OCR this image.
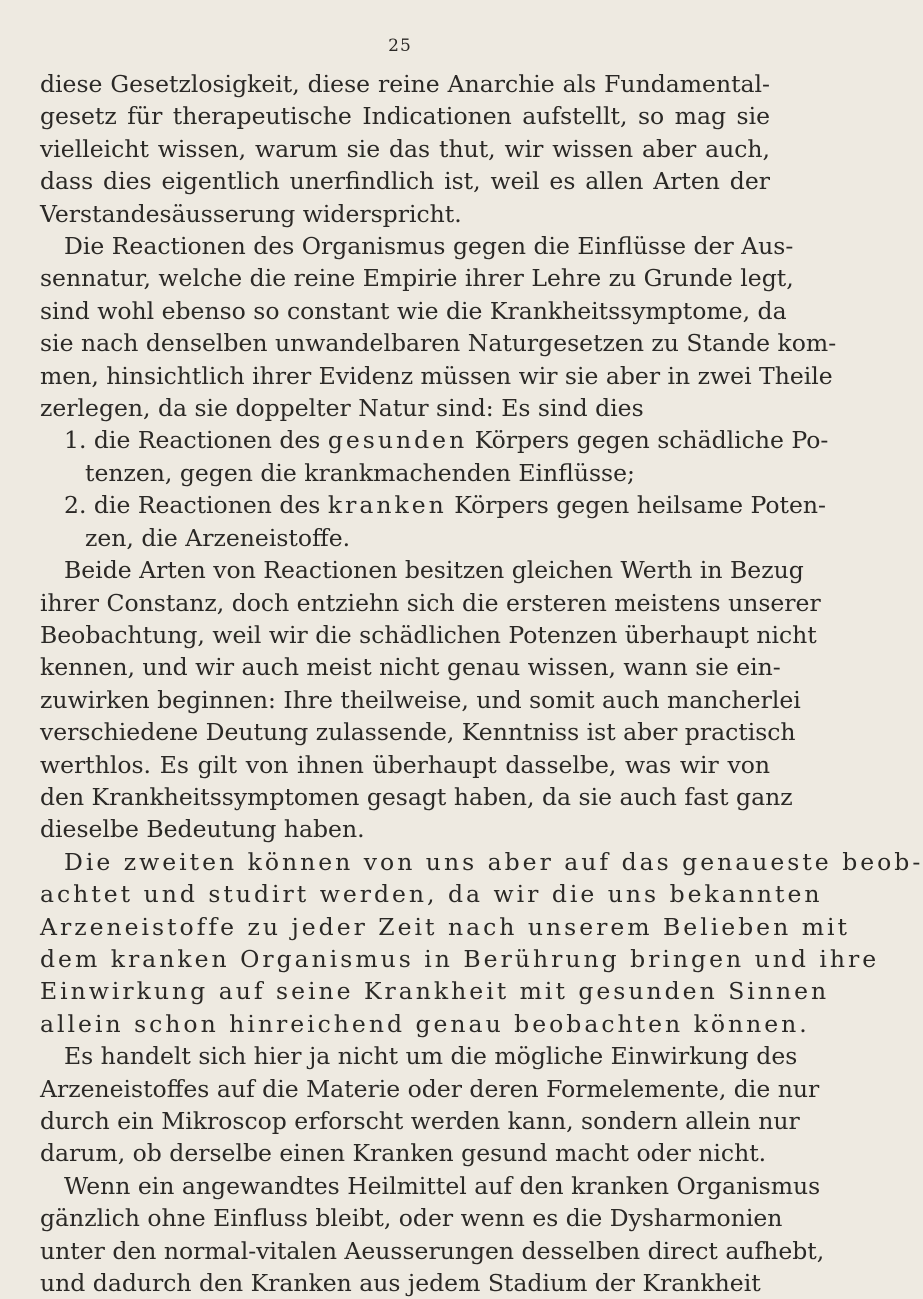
25
diese Gesetzlosigkeit, diese reine Anarchie als Fundamental-
gesetz für therapeutische Indicationen aufstellt, so mag sie
vielleicht wissen, warum sie das thut, wir wissen aber auch,
dass dies eigentlich unerfindlich ist, weil es allen Arten der
Verstandesäusserung widerspricht.
Die Reactionen des Organismus gegen die Einflüsse der Aus-
sennatur, welche die reine Empirie ihrer Lehre zu Grunde legt,
sind wohl ebenso so constant wie die Krankheitssymptome, da
sie nach denselben unwandelbaren Naturgesetzen zu Stande kom-
men, hinsichtlich ihrer Evidenz müssen wir sie aber in zwei Theile
zerlegen, da sie doppelter Natur sind: Es sind dies
1. die Reactionen des gesunden Körpers gegen schädliche Po-
tenzen, gegen die krankmachenden Einflüsse;
2. die Reactionen des kranken Körpers gegen heilsame Poten-
zen, die Arzeneistoffe.
Beide Arten von Reactionen besitzen gleichen Werth in Bezug
ihrer Constanz, doch entziehn sich die ersteren meistens unserer
Beobachtung, weil wir die schädlichen Potenzen überhaupt nicht
kennen, und wir auch meist nicht genau wissen, wann sie ein-
zuwirken beginnen: Ihre theilweise, und somit auch mancherlei
verschiedene Deutung zulassende, Kenntniss ist aber practisch
werthlos. Es gilt von ihnen überhaupt dasselbe, was wir von
den Krankheitssymptomen gesagt haben, da sie auch fast ganz
dieselbe Bedeutung haben.
Die zweiten können von uns aber auf das genaueste beob-
achtet und studirt werden, da wir die uns bekannten
Arzeneistoffe zu jeder Zeit nach unserem Belieben mit
dem kranken Organismus in Berührung bringen und ihre
Einwirkung auf seine Krankheit mit gesunden Sinnen
allein schon hinreichend genau beobachten können.
Es handelt sich hier ja nicht um die mögliche Einwirkung des
Arzeneistoffes auf die Materie oder deren Formelemente, die nur
durch ein Mikroscop erforscht werden kann, sondern allein nur
darum, ob derselbe einen Kranken gesund macht oder nicht.
Wenn ein angewandtes Heilmittel auf den kranken Organismus
gänzlich ohne Einfluss bleibt, oder wenn es die Dysharmonien
unter den normal-vitalen Aeusserungen desselben direct aufhebt,
und dadurch den Kranken aus jedem Stadium der Krankheit
